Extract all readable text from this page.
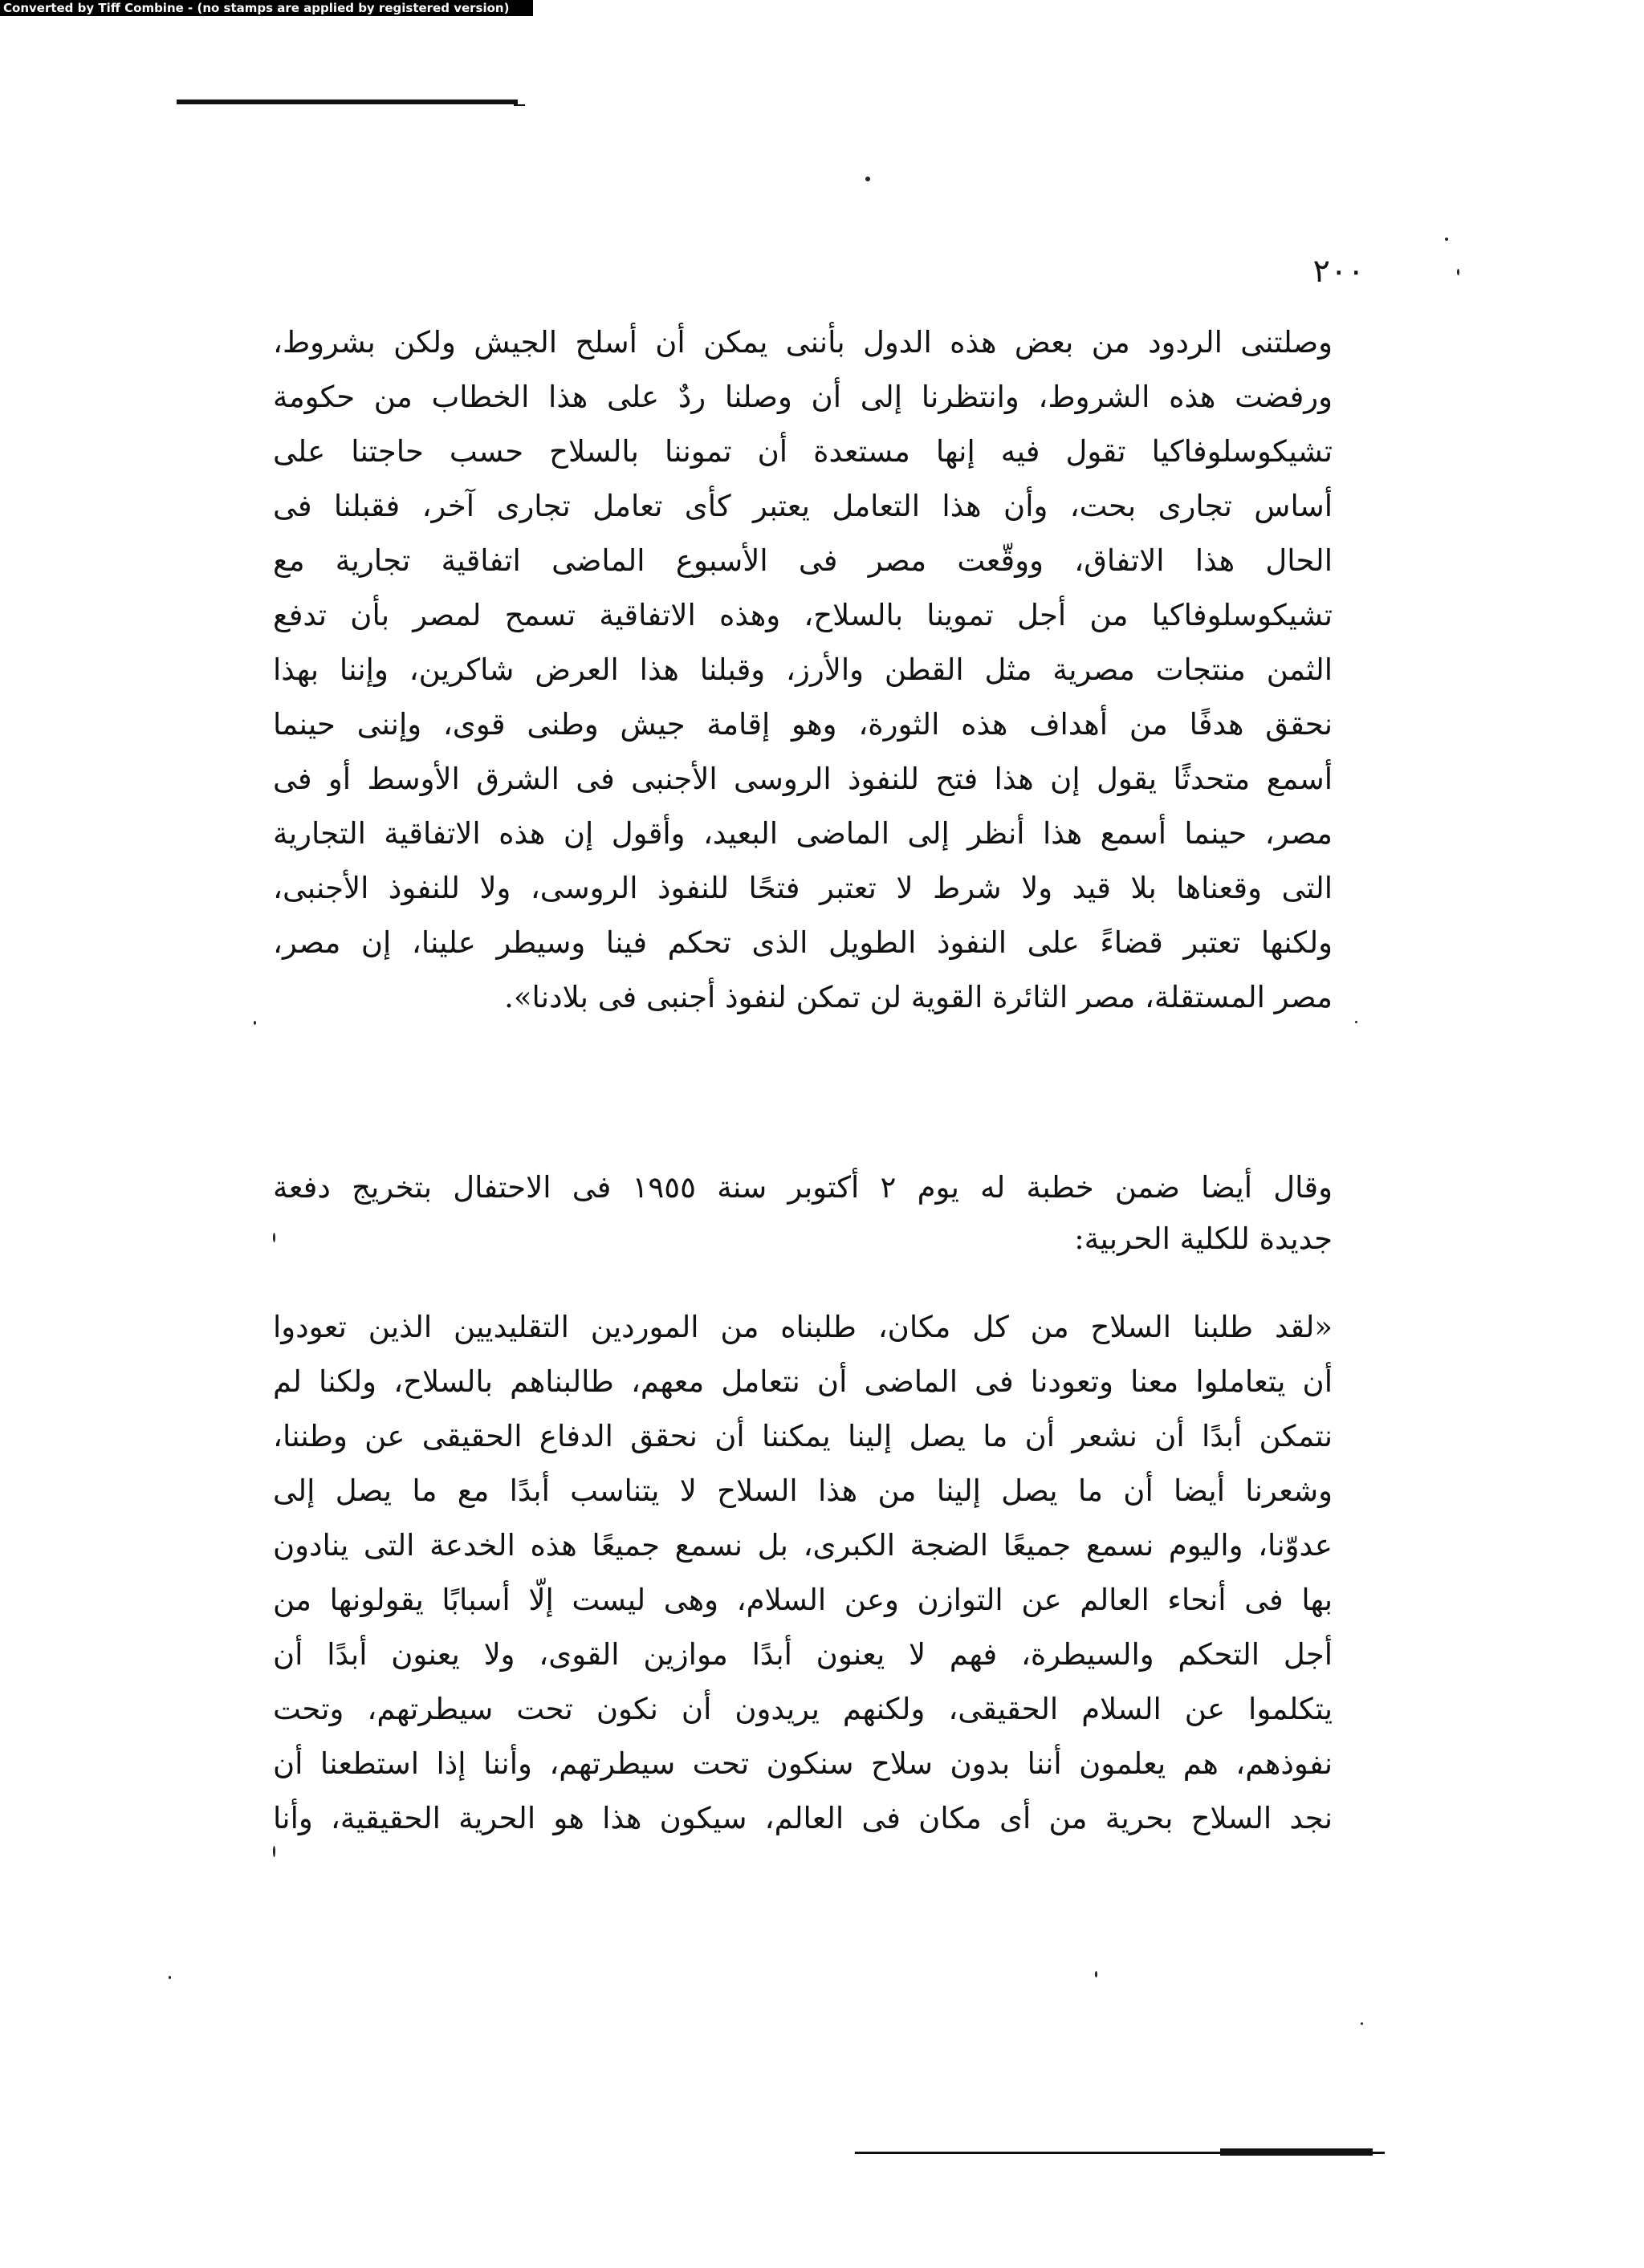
Converted by Tiff Combine - (no stamps are applied by registered version)
٢٠٠
وصلتنى الردود من بعض هذه الدول بأننى يمكن أن أسلح الجيش ولكن بشروط،
ورفضت هذه الشروط، وانتظرنا إلى أن وصلنا ردٌ على هذا الخطاب من حكومة
تشيكوسلوفاكيا تقول فيه إنها مستعدة أن تموننا بالسلاح حسب حاجتنا على
أساس تجارى بحت، وأن هذا التعامل يعتبر كأى تعامل تجارى آخر، فقبلنا فى
الحال هذا الاتفاق، ووقّعت مصر فى الأسبوع الماضى اتفاقية تجارية مع
تشيكوسلوفاكيا من أجل تموينا بالسلاح، وهذه الاتفاقية تسمح لمصر بأن تدفع
الثمن منتجات مصرية مثل القطن والأرز، وقبلنا هذا العرض شاكرين، وإننا بهذا
نحقق هدفًا من أهداف هذه الثورة، وهو إقامة جيش وطنى قوى، وإننى حينما
أسمع متحدثًا يقول إن هذا فتح للنفوذ الروسى الأجنبى فى الشرق الأوسط أو فى
مصر، حينما أسمع هذا أنظر إلى الماضى البعيد، وأقول إن هذه الاتفاقية التجارية
التى وقعناها بلا قيد ولا شرط لا تعتبر فتحًا للنفوذ الروسى، ولا للنفوذ الأجنبى،
ولكنها تعتبر قضاءً على النفوذ الطويل الذى تحكم فينا وسيطر علينا، إن مصر،
مصر المستقلة، مصر الثائرة القوية لن تمكن لنفوذ أجنبى فى بلادنا».
وقال أيضا ضمن خطبة له يوم ٢ أكتوبر سنة ١٩٥٥ فى الاحتفال بتخريج دفعة
جديدة للكلية الحربية:
«لقد طلبنا السلاح من كل مكان، طلبناه من الموردين التقليديين الذين تعودوا
أن يتعاملوا معنا وتعودنا فى الماضى أن نتعامل معهم، طالبناهم بالسلاح، ولكنا لم
نتمكن أبدًا أن نشعر أن ما يصل إلينا يمكننا أن نحقق الدفاع الحقيقى عن وطننا،
وشعرنا أيضا أن ما يصل إلينا من هذا السلاح لا يتناسب أبدًا مع ما يصل إلى
عدوّنا، واليوم نسمع جميعًا الضجة الكبرى، بل نسمع جميعًا هذه الخدعة التى ينادون
بها فى أنحاء العالم عن التوازن وعن السلام، وهى ليست إلّا أسبابًا يقولونها من
أجل التحكم والسيطرة، فهم لا يعنون أبدًا موازين القوى، ولا يعنون أبدًا أن
يتكلموا عن السلام الحقيقى، ولكنهم يريدون أن نكون تحت سيطرتهم، وتحت
نفوذهم، هم يعلمون أننا بدون سلاح سنكون تحت سيطرتهم، وأننا إذا استطعنا أن
نجد السلاح بحرية من أى مكان فى العالم، سيكون هذا هو الحرية الحقيقية، وأنا
